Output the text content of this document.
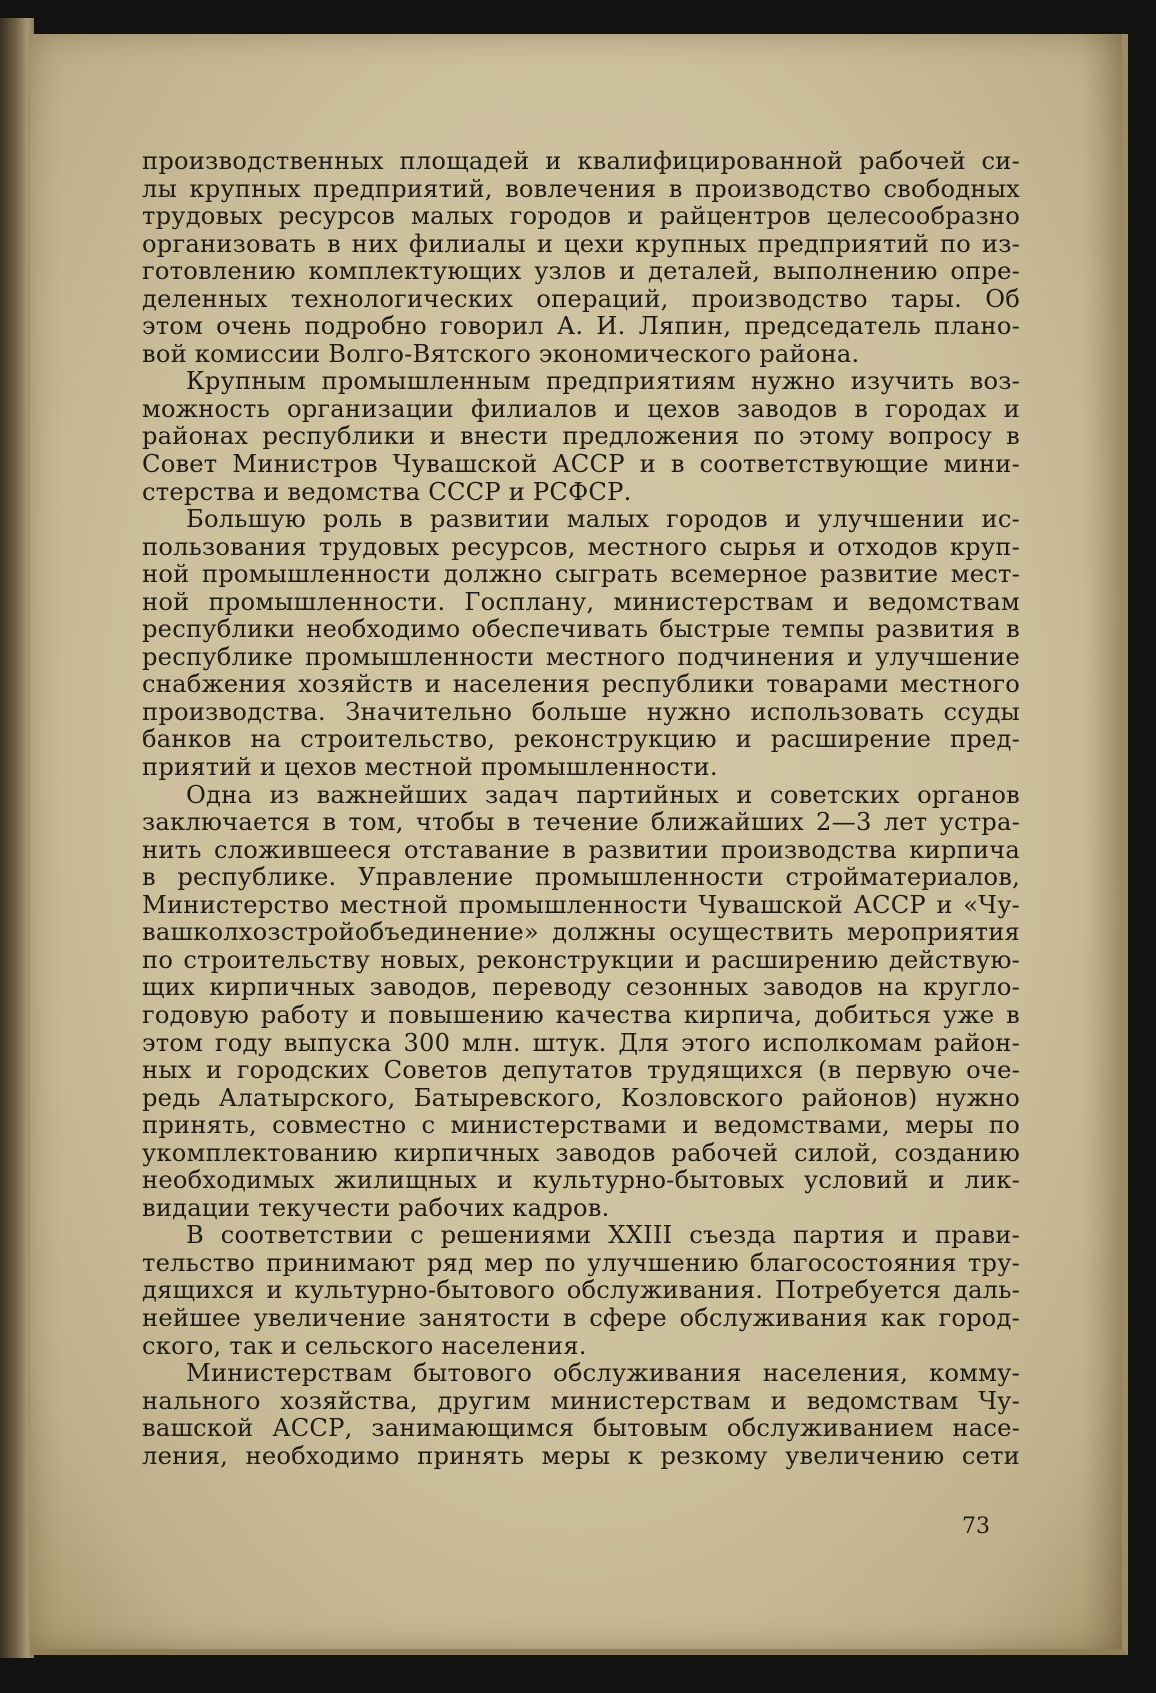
производственных площадей и квалифицированной рабочей си-
лы крупных предприятий, вовлечения в производство свободных
трудовых ресурсов малых городов и райцентров целесообразно
организовать в них филиалы и цехи крупных предприятий по из-
готовлению комплектующих узлов и деталей, выполнению опре-
деленных технологических операций, производство тары. Об
этом очень подробно говорил А. И. Ляпин, председатель плано-
вой комиссии Волго-Вятского экономического района.
Крупным промышленным предприятиям нужно изучить воз-
можность организации филиалов и цехов заводов в городах и
районах республики и внести предложения по этому вопросу в
Совет Министров Чувашской АССР и в соответствующие мини-
стерства и ведомства СССР и РСФСР.
Большую роль в развитии малых городов и улучшении ис-
пользования трудовых ресурсов, местного сырья и отходов круп-
ной промышленности должно сыграть всемерное развитие мест-
ной промышленности. Госплану, министерствам и ведомствам
республики необходимо обеспечивать быстрые темпы развития в
республике промышленности местного подчинения и улучшение
снабжения хозяйств и населения республики товарами местного
производства. Значительно больше нужно использовать ссуды
банков на строительство, реконструкцию и расширение пред-
приятий и цехов местной промышленности.
Одна из важнейших задач партийных и советских органов
заключается в том, чтобы в течение ближайших 2—3 лет устра-
нить сложившееся отставание в развитии производства кирпича
в республике. Управление промышленности стройматериалов,
Министерство местной промышленности Чувашской АССР и «Чу-
вашколхозстройобъединение» должны осуществить мероприятия
по строительству новых, реконструкции и расширению действую-
щих кирпичных заводов, переводу сезонных заводов на кругло-
годовую работу и повышению качества кирпича, добиться уже в
этом году выпуска 300 млн. штук. Для этого исполкомам район-
ных и городских Советов депутатов трудящихся (в первую оче-
редь Алатырского, Батыревского, Козловского районов) нужно
принять, совместно с министерствами и ведомствами, меры по
укомплектованию кирпичных заводов рабочей силой, созданию
необходимых жилищных и культурно-бытовых условий и лик-
видации текучести рабочих кадров.
В соответствии с решениями XXIII съезда партия и прави-
тельство принимают ряд мер по улучшению благосостояния тру-
дящихся и культурно-бытового обслуживания. Потребуется даль-
нейшее увеличение занятости в сфере обслуживания как город-
ского, так и сельского населения.
Министерствам бытового обслуживания населения, комму-
нального хозяйства, другим министерствам и ведомствам Чу-
вашской АССР, занимающимся бытовым обслуживанием насе-
ления, необходимо принять меры к резкому увеличению сети
73
